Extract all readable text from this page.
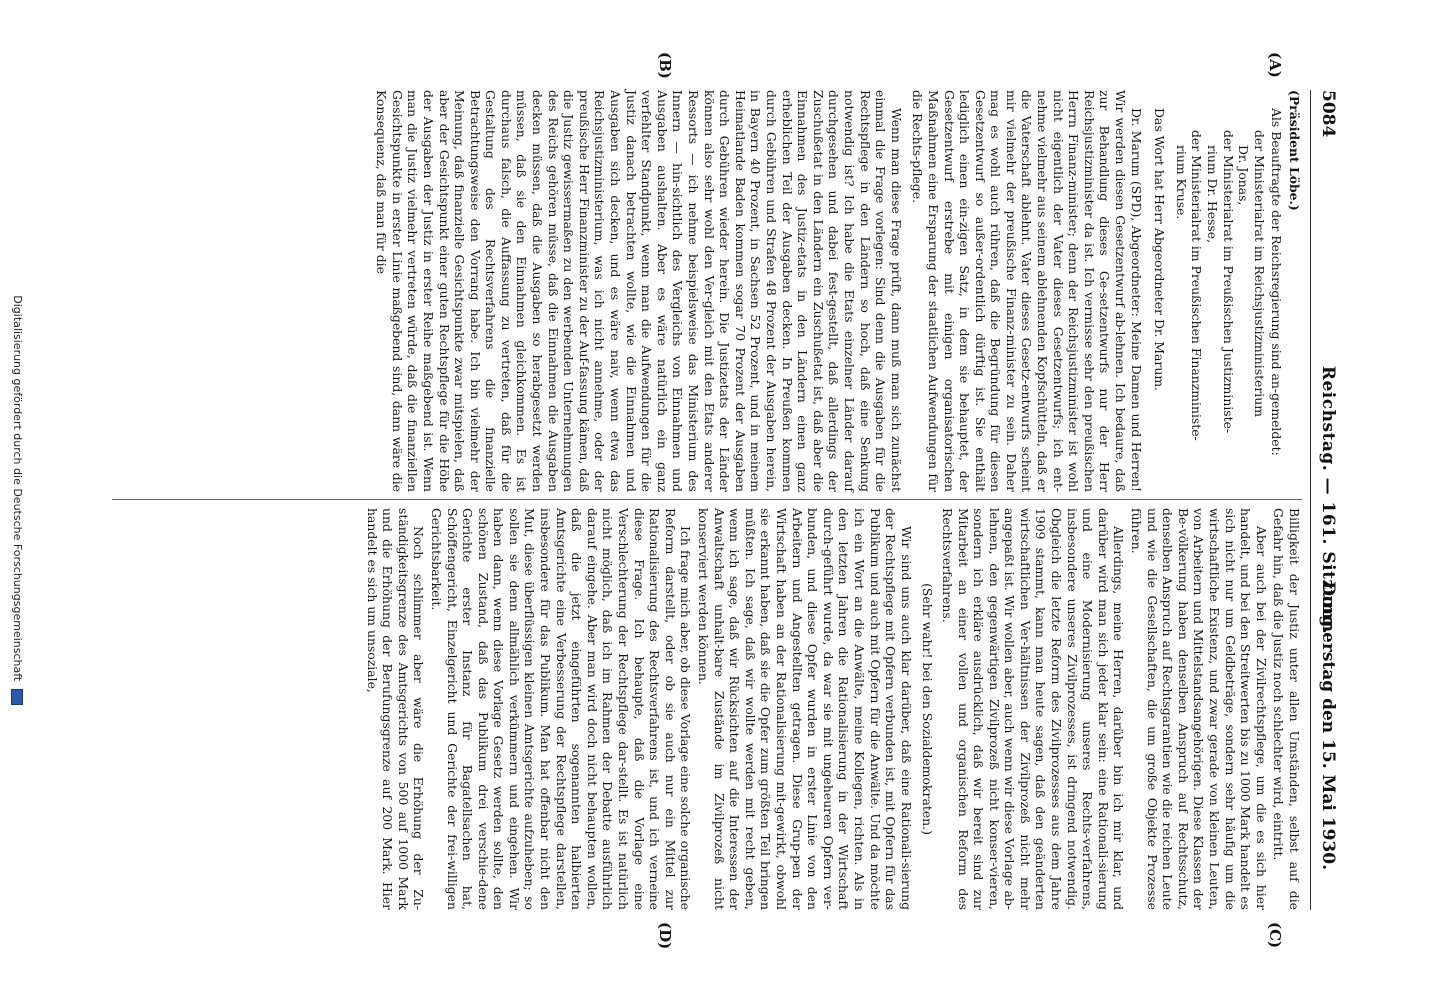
5084
Reichstag. — 161. Sitzung.
Donnerstag den 15. Mai 1930.
(A)
(B)
(C)
(D)

(Präsident Löbe.)

Als Beauftragte der Reichsregierung sind an-gemeldet:

der Ministerialrat im Reichsjustizministerium

Dr. Jonas,

der Ministerialrat im Preußischen Justizministe-

rium Dr. Hesse,

der Ministerialrat im Preußischen Finanzministe-

rium Kruse.

Das Wort hat Herr Abgeordneter Dr. Marum.

Dr. Marum (SPD), Abgeordneter: Meine Damen und Herren! Wir werden diesen Gesetzentwurf ab-lehnen. Ich bedaure, daß zur Behandlung dieses Ge-setzentwurfs nur der Herr Reichsjustizminister da ist. Ich vermisse sehr den preußischen Herrn Finanz-minister; denn der Reichsjustizminister ist wohl nicht eigentlich der Vater dieses Gesetzentwurfs; ich ent-nehme vielmehr aus seinem ablehnenden Kopfschütteln, daß er die Vaterschaft ablehnt. Vater dieses Gesetz-entwurfs scheint mir vielmehr der preußische Finanz-minister zu sein. Daher mag es wohl auch rühren, daß die Begründung für diesen Gesetzentwurf so außer-ordentlich dürftig ist. Sie enthält lediglich einen ein-zigen Satz, in dem sie behauptet, der Gesetzentwurf erstrebe mit einigen organisatorischen Maßnahmen eine Ersparung der staatlichen Aufwendungen für die Rechts-pflege.

Wenn man diese Frage prüft, dann muß man sich zunächst einmal die Frage vorlegen: Sind denn die Ausgaben für die Rechtspflege in den Ländern so hoch, daß eine Senkung notwendig ist? Ich habe die Etats einzelner Länder darauf durchgesehen und dabei fest-gestellt, daß allerdings der Zuschußetat in den Ländern ein Zuschußetat ist, daß aber die Einnahmen des Justiz-etats in den Ländern einen ganz erheblichen Teil der Ausgaben decken. In Preußen kommen durch Gebühren und Strafen 48 Prozent der Ausgaben herein, in Bayern 40 Prozent, in Sachsen 52 Prozent, und in meinem Heimatlande Baden kommen sogar 70 Prozent der Ausgaben durch Gebühren wieder herein. Die Justizetats der Länder können also sehr wohl den Ver-gleich mit den Etats anderer Ressorts — ich nehme beispielsweise das Ministerium des Innern — hin-sichtlich des Vergleichs von Einnahmen und Ausgaben aushalten. Aber es wäre natürlich ein ganz verfehlter Standpunkt, wenn man die Aufwendungen für die Justiz danach betrachten wollte, wie die Einnahmen und Ausgaben sich decken, und es wäre naiv, wenn etwa das Reichsjustizministerium, was ich nicht annehme, oder der preußische Herr Finanzminister zu der Auf-fassung kämen, daß die Justiz gewissermaßen zu den werbenden Unternehmungen des Reichs gehören müsse, daß die Einnahmen die Ausgaben decken müssen, daß die Ausgaben so herabgesetzt werden müssen, daß sie den Einnahmen gleichkommen. Es ist durchaus falsch, die Auffassung zu vertreten, daß für die Gestaltung des Rechtsverfahrens die finanzielle Betrachtungsweise den Vorrang habe. Ich bin vielmehr der Meinung, daß finanzielle Gesichtspunkte zwar mitspielen, daß aber der Gesichtspunkt einer guten Rechtspflege für die Höhe der Ausgaben der Justiz in erster Reihe maßgebend ist. Wenn man die Justiz vielmehr vertreten würde, daß die finanziellen Gesichtspunkte in erster Linie maßgebend sind, dann wäre die Konsequenz, daß man für die

Billigkeit der Justiz unter allen Umständen, selbst auf die Gefahr hin, daß die Justiz noch schlechter wird, eintritt.

Aber auch bei der Zivilrechtspflege, um die es sich hier handelt, und bei den Streitwerten bis zu 1000 Mark handelt es sich nicht nur um Geldbeträge, sondern sehr häufig um die wirtschaftliche Existenz, und zwar gerade von kleinen Leuten, von Arbeitern und Mittelstandsangehörigen. Diese Klassen der Be-völkerung haben denselben Anspruch auf Rechtsschutz, denselben Anspruch auf Rechtsgarantien wie die reichen Leute und wie die Gesellschaften, die um große Objekte Prozesse führen.

Allerdings, meine Herren, darüber bin ich mir klar, und darüber wird man sich jeder klar sein: eine Rationali-sierung und eine Modernisierung unseres Rechts-verfahrens, insbesondere unseres Zivilprozesses, ist dringend notwendig. Obgleich die letzte Reform des Zivilprozesses aus dem Jahre 1909 stammt, kann man heute sagen, daß den geänderten wirtschaftlichen Ver-hältnissen der Zivilprozeß nicht mehr angepaßt ist. Wir wollen aber, auch wenn wir diese Vorlage ab-lehnen, den gegenwärtigen Zivilprozeß nicht konser-vieren, sondern ich erkläre ausdrücklich, daß wir bereit sind zur Mitarbeit an einer vollen und organischen Reform des Rechtsverfahrens.

(Sehr wahr! bei den Sozialdemokraten.)

Wir sind uns auch klar darüber, daß eine Rationali-sierung der Rechtspflege mit Opfern verbunden ist, mit Opfern für das Publikum und auch mit Opfern für die Anwälte. Und da möchte ich ein Wort an die Anwälte, meine Kollegen, richten. Als in den letzten Jahren die Rationalisierung in der Wirtschaft durch-geführt wurde, da war sie mit ungeheuren Opfern ver-bunden, und diese Opfer wurden in erster Linie von den Arbeitern und Angestellten getragen. Diese Grup-pen der Wirtschaft haben an der Rationalisierung mit-gewirkt, obwohl sie erkannt haben, daß sie die Opfer zum größten Teil bringen müßten. Ich sage, daß wir wollte werden mit recht geben, wenn ich sage, daß wir Rücksichten auf die Interessen der Anwaltschaft unhalt-bare Zustände im Zivilprozeß nicht konserviert werden können.

Ich frage mich aber, ob diese Vorlage eine solche organische Reform darstellt, oder ob sie auch nur ein Mittel zur Rationalisierung des Rechtsverfahrens ist, und ich verneine diese Frage. Ich behaupte, daß die Vorlage eine Verschlechterung der Rechtspflege dar-stellt. Es ist natürlich nicht möglich, daß ich im Rahmen der Debatte ausführlich darauf eingehe. Aber man wird doch nicht behaupten wollen, daß die jetzt eingeführten sogenannten halbierten Amtsgerichte eine Verbesserung der Rechtspflege darstellen, insbesondere für das Publikum. Man hat offenbar nicht den Mut, diese überflüssigen kleinen Amtsgerichte aufzuheben; so sollen sie denn allmählich verkümmern und eingehen. Wir haben dann, wenn diese Vorlage Gesetz werden sollte, den schönen Zustand, daß das Publikum drei verschie-dene Gerichte erster Instanz für Bagatellsachen hat, Schöffengericht, Einzelgericht und Gerichte der frei-willigen Gerichtsbarkeit.

Noch schlimmer aber wäre die Erhöhung der Zu-ständigkeitsgrenze des Amtsgerichts von 500 auf 1000 Mark und die Erhöhung der Berufungsgrenze auf 200 Mark. Hier handelt es sich um unsoziale,

Digitalisierung gefördert durch die Deutsche Forschungsgemeinschaft
